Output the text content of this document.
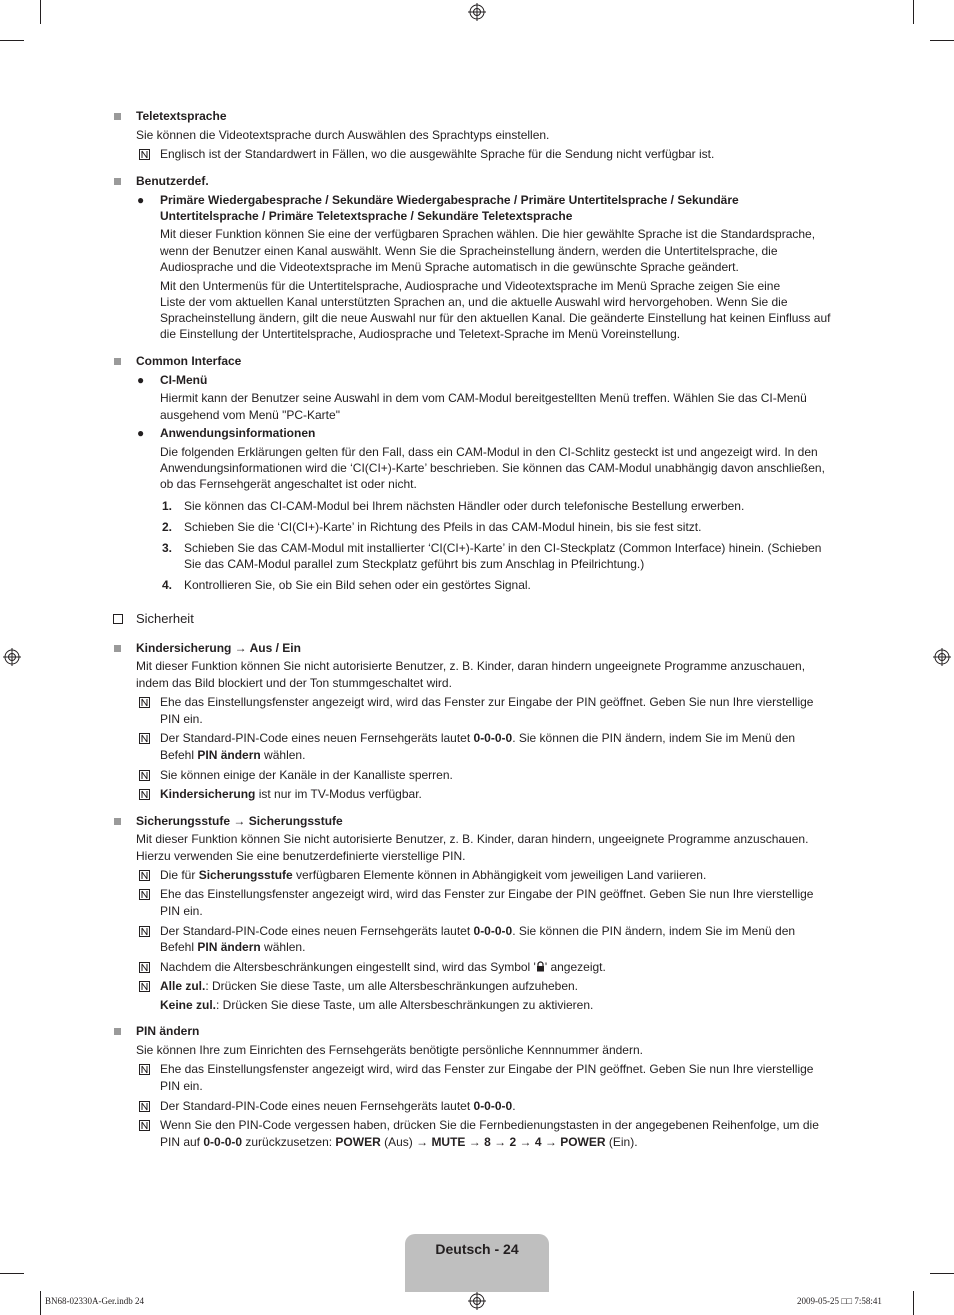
Teletextsprache
Sie können die Videotextsprache durch Auswählen des Sprachtyps einstellen.
Englisch ist der Standardwert in Fällen, wo die ausgewählte Sprache für die Sendung nicht verfügbar ist.
Benutzerdef.
● Primäre Wiedergabesprache / Sekundäre Wiedergabesprache / Primäre Untertitelsprache / Sekundäre
Untertitelsprache / Primäre Teletextsprache / Sekundäre Teletextsprache
Mit dieser Funktion können Sie eine der verfügbaren Sprachen wählen. Die hier gewählte Sprache ist die Standardsprache,
wenn der Benutzer einen Kanal auswählt. Wenn Sie die Spracheinstellung ändern, werden die Untertitelsprache, die
Audiosprache und die Videotextsprache im Menü Sprache automatisch in die gewünschte Sprache geändert.
Mit den Untermenüs für die Untertitelsprache, Audiosprache und Videotextsprache im Menü Sprache zeigen Sie eine
Liste der vom aktuellen Kanal unterstützten Sprachen an, und die aktuelle Auswahl wird hervorgehoben. Wenn Sie die
Spracheinstellung ändern, gilt die neue Auswahl nur für den aktuellen Kanal. Die geänderte Einstellung hat keinen Einfluss auf
die Einstellung der Untertitelsprache, Audiosprache und Teletext-Sprache im Menü Voreinstellung.
Common Interface
● CI-Menü
Hiermit kann der Benutzer seine Auswahl in dem vom CAM-Modul bereitgestellten Menü treffen. Wählen Sie das CI-Menü
ausgehend vom Menü "PC-Karte"
● Anwendungsinformationen
Die folgenden Erklärungen gelten für den Fall, dass ein CAM-Modul in den CI-Schlitz gesteckt ist und angezeigt wird. In den
Anwendungsinformationen wird die ‘CI(CI+)-Karte’ beschrieben. Sie können das CAM-Modul unabhängig davon anschließen,
ob das Fernsehgerät angeschaltet ist oder nicht.
1. Sie können das CI-CAM-Modul bei Ihrem nächsten Händler oder durch telefonische Bestellung erwerben.
2. Schieben Sie die ‘CI(CI+)-Karte’ in Richtung des Pfeils in das CAM-Modul hinein, bis sie fest sitzt.
3. Schieben Sie das CAM-Modul mit installierter ‘CI(CI+)-Karte’ in den CI-Steckplatz (Common Interface) hinein. (Schieben
Sie das CAM-Modul parallel zum Steckplatz geführt bis zum Anschlag in Pfeilrichtung.)
4. Kontrollieren Sie, ob Sie ein Bild sehen oder ein gestörtes Signal.
Sicherheit
Kindersicherung → Aus / Ein
Mit dieser Funktion können Sie nicht autorisierte Benutzer, z. B. Kinder, daran hindern ungeeignete Programme anzuschauen,
indem das Bild blockiert und der Ton stummgeschaltet wird.
Ehe das Einstellungsfenster angezeigt wird, wird das Fenster zur Eingabe der PIN geöffnet. Geben Sie nun Ihre vierstellige
PIN ein.
Der Standard-PIN-Code eines neuen Fernsehgeräts lautet 0-0-0-0. Sie können die PIN ändern, indem Sie im Menü den
Befehl PIN ändern wählen.
Sie können einige der Kanäle in der Kanalliste sperren.
Kindersicherung ist nur im TV-Modus verfügbar.
Sicherungsstufe → Sicherungsstufe
Mit dieser Funktion können Sie nicht autorisierte Benutzer, z. B. Kinder, daran hindern, ungeeignete Programme anzuschauen.
Hierzu verwenden Sie eine benutzerdefinierte vierstellige PIN.
Die für Sicherungsstufe verfügbaren Elemente können in Abhängigkeit vom jeweiligen Land variieren.
Ehe das Einstellungsfenster angezeigt wird, wird das Fenster zur Eingabe der PIN geöffnet. Geben Sie nun Ihre vierstellige
PIN ein.
Der Standard-PIN-Code eines neuen Fernsehgeräts lautet 0-0-0-0. Sie können die PIN ändern, indem Sie im Menü den
Befehl PIN ändern wählen.
Nachdem die Altersbeschränkungen eingestellt sind, wird das Symbol ' ' angezeigt.
Alle zul.: Drücken Sie diese Taste, um alle Altersbeschränkungen aufzuheben.
Keine zul.: Drücken Sie diese Taste, um alle Altersbeschränkungen zu aktivieren.
PIN ändern
Sie können Ihre zum Einrichten des Fernsehgeräts benötigte persönliche Kennnummer ändern.
Ehe das Einstellungsfenster angezeigt wird, wird das Fenster zur Eingabe der PIN geöffnet. Geben Sie nun Ihre vierstellige
PIN ein.
Der Standard-PIN-Code eines neuen Fernsehgeräts lautet 0-0-0-0.
Wenn Sie den PIN-Code vergessen haben, drücken Sie die Fernbedienungstasten in der angegebenen Reihenfolge, um die
PIN auf 0-0-0-0 zurückzusetzen: POWER (Aus) → MUTE → 8 → 2 → 4 → POWER (Ein).
Deutsch - 24
BN68-02330A-Ger.indb 24	2009-05-25 □□ 7:58:41
